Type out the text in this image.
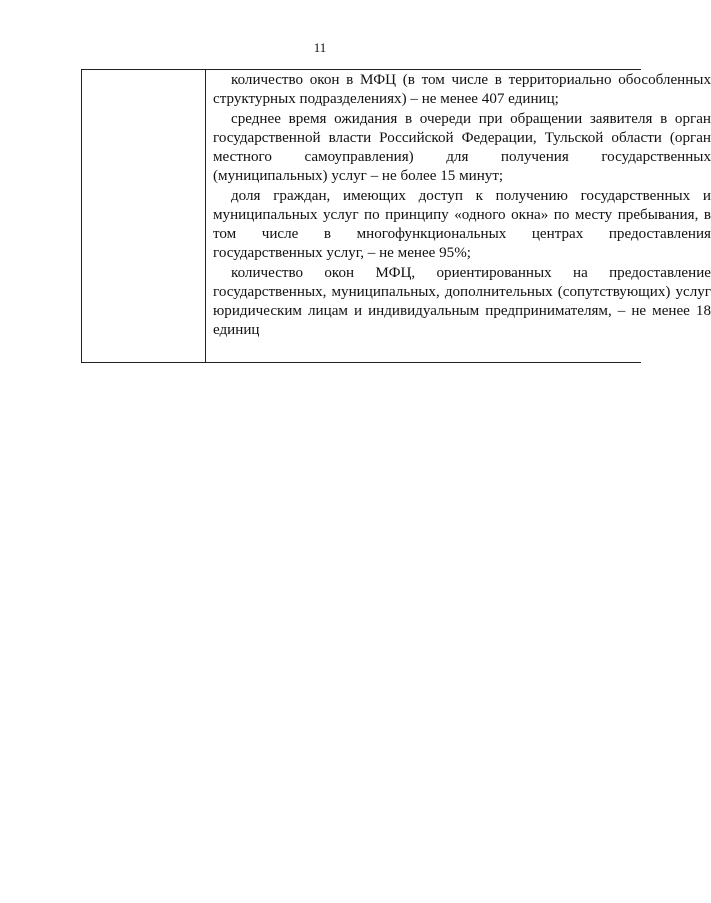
11

количество окон в МФЦ (в том числе в территориально обособленных структурных подразделениях) – не менее 407 единиц;

среднее время ожидания в очереди при обращении заявителя в орган государственной власти Российской Федерации, Тульской области (орган местного самоуправления) для получения государственных (муниципальных) услуг – не более 15 минут;

доля граждан, имеющих доступ к получению государственных и муниципальных услуг по принципу «одного окна» по месту пребывания, в том числе в многофункциональных центрах предоставления государственных услуг, – не менее 95%;

количество окон МФЦ, ориентированных на предоставление государственных, муниципальных, дополнительных (сопутствующих) услуг юридическим лицам и индивидуальным предпринимателям, – не менее 18 единиц
